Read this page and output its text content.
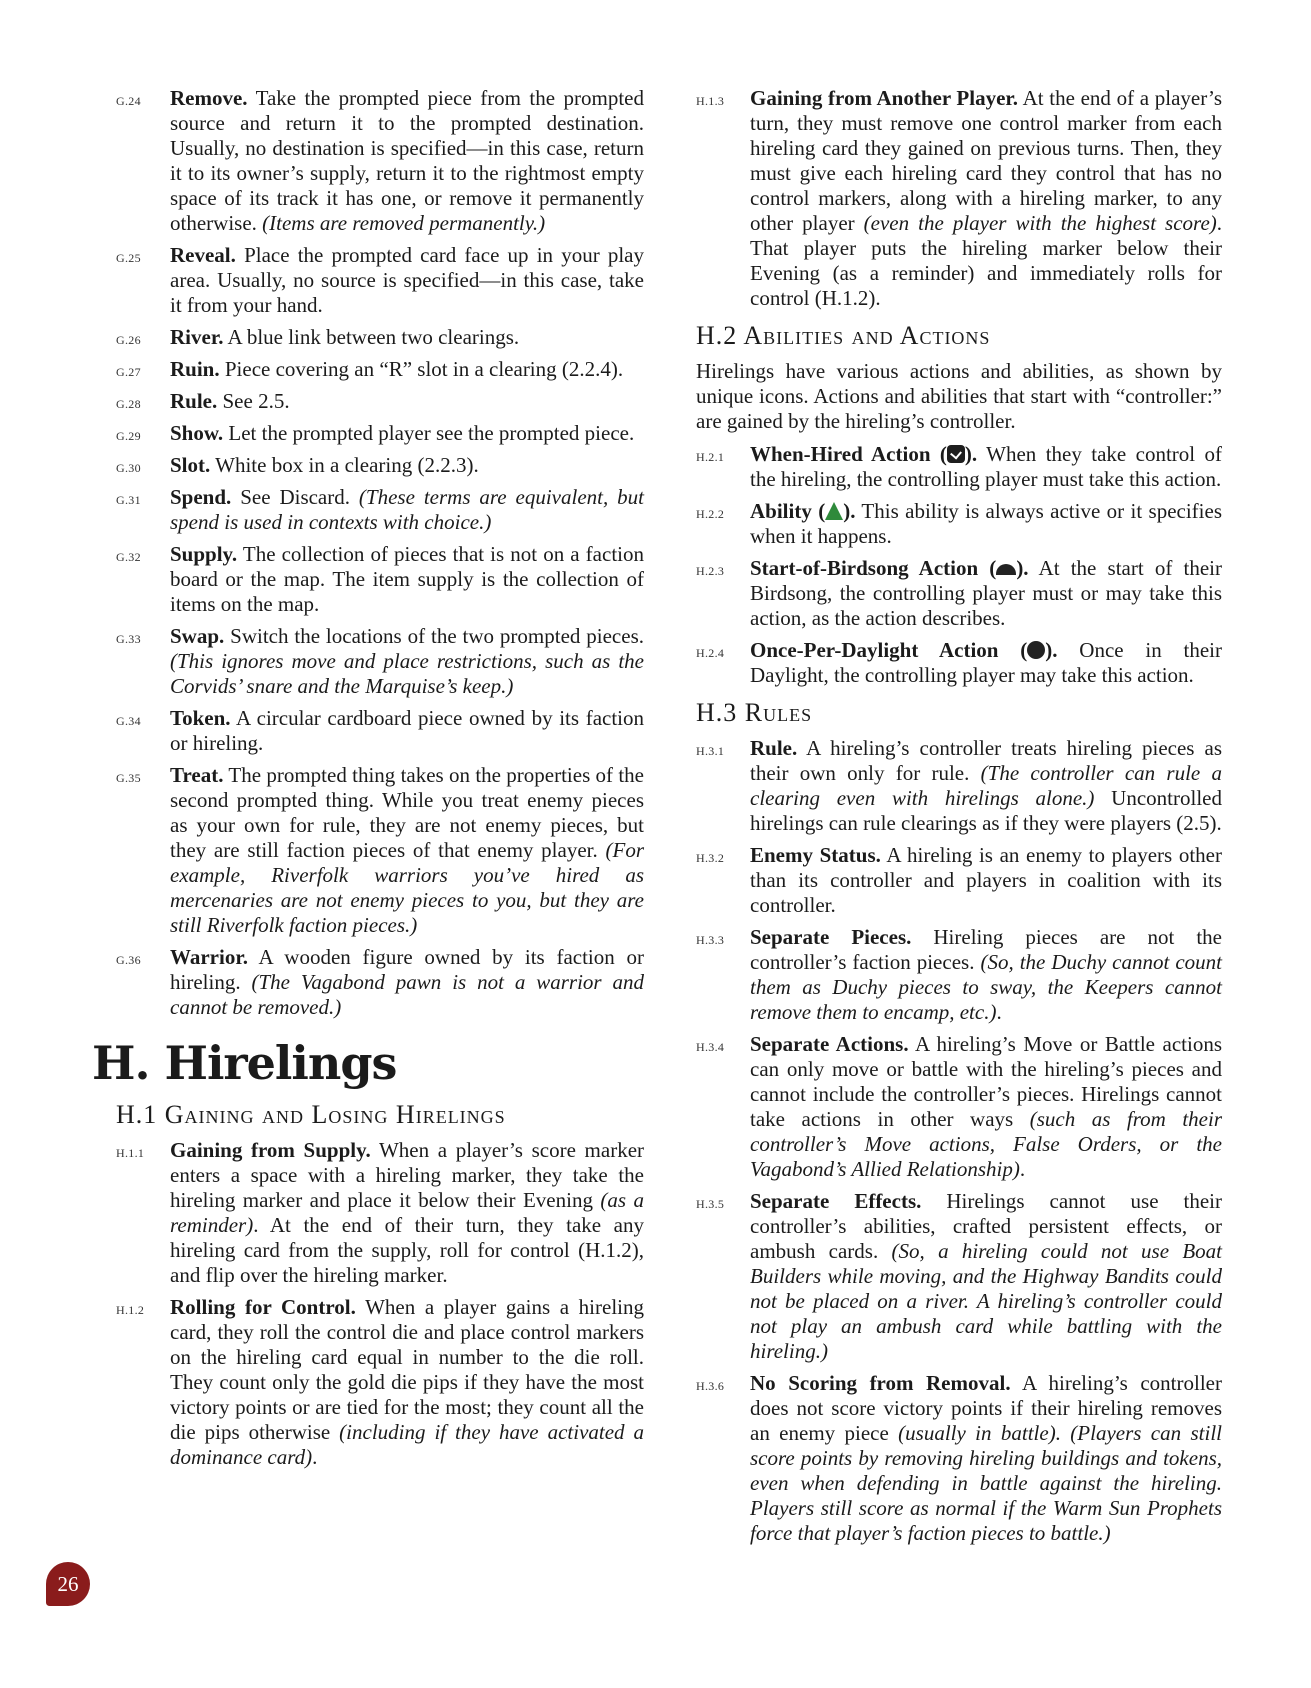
G.24 Remove. Take the prompted piece from the prompted source and return it to the prompted destination. Usually, no destination is specified—in this case, return it to its owner’s supply, return it to the rightmost empty space of its track it has one, or remove it permanently otherwise. (Items are removed permanently.)
G.25 Reveal. Place the prompted card face up in your play area. Usually, no source is specified—in this case, take it from your hand.
G.26 River. A blue link between two clearings.
G.27 Ruin. Piece covering an “R” slot in a clearing (2.2.4).
G.28 Rule. See 2.5.
G.29 Show. Let the prompted player see the prompted piece.
G.30 Slot. White box in a clearing (2.2.3).
G.31 Spend. See Discard. (These terms are equivalent, but spend is used in contexts with choice.)
G.32 Supply. The collection of pieces that is not on a faction board or the map. The item supply is the collection of items on the map.
G.33 Swap. Switch the locations of the two prompted pieces. (This ignores move and place restrictions, such as the Corvids’ snare and the Marquise’s keep.)
G.34 Token. A circular cardboard piece owned by its faction or hireling.
G.35 Treat. The prompted thing takes on the properties of the second prompted thing. While you treat enemy pieces as your own for rule, they are not enemy pieces, but they are still faction pieces of that enemy player. (For example, Riverfolk warriors you’ve hired as mercenaries are not enemy pieces to you, but they are still Riverfolk faction pieces.)
G.36 Warrior. A wooden figure owned by its faction or hireling. (The Vagabond pawn is not a warrior and cannot be removed.)
H. Hirelings
H.1 Gaining and Losing Hirelings
H.1.1 Gaining from Supply. When a player’s score marker enters a space with a hireling marker, they take the hireling marker and place it below their Evening (as a reminder). At the end of their turn, they take any hireling card from the supply, roll for control (H.1.2), and flip over the hireling marker.
H.1.2 Rolling for Control. When a player gains a hireling card, they roll the control die and place control markers on the hireling card equal in number to the die roll. They count only the gold die pips if they have the most victory points or are tied for the most; they count all the die pips otherwise (including if they have activated a dominance card).
H.1.3 Gaining from Another Player. At the end of a player’s turn, they must remove one control marker from each hireling card they gained on previous turns. Then, they must give each hireling card they control that has no control markers, along with a hireling marker, to any other player (even the player with the highest score). That player puts the hireling marker below their Evening (as a reminder) and immediately rolls for control (H.1.2).
H.2 Abilities and Actions
Hirelings have various actions and abilities, as shown by unique icons. Actions and abilities that start with “controller:” are gained by the hireling’s controller.
H.2.1 When-Hired Action ( ). When they take control of the hireling, the controlling player must take this action.
H.2.2 Ability ( ). This ability is always active or it specifies when it happens.
H.2.3 Start-of-Birdsong Action ( ). At the start of their Birdsong, the controlling player must or may take this action, as the action describes.
H.2.4 Once-Per-Daylight Action ( ). Once in their Daylight, the controlling player may take this action.
H.3 Rules
H.3.1 Rule. A hireling’s controller treats hireling pieces as their own only for rule. (The controller can rule a clearing even with hirelings alone.) Uncontrolled hirelings can rule clearings as if they were players (2.5).
H.3.2 Enemy Status. A hireling is an enemy to players other than its controller and players in coalition with its controller.
H.3.3 Separate Pieces. Hireling pieces are not the controller’s faction pieces. (So, the Duchy cannot count them as Duchy pieces to sway, the Keepers cannot remove them to encamp, etc.).
H.3.4 Separate Actions. A hireling’s Move or Battle actions can only move or battle with the hireling’s pieces and cannot include the controller’s pieces. Hirelings cannot take actions in other ways (such as from their controller’s Move actions, False Orders, or the Vagabond’s Allied Relationship).
H.3.5 Separate Effects. Hirelings cannot use their controller’s abilities, crafted persistent effects, or ambush cards. (So, a hireling could not use Boat Builders while moving, and the Highway Bandits could not be placed on a river. A hireling’s controller could not play an ambush card while battling with the hireling.)
H.3.6 No Scoring from Removal. A hireling’s controller does not score victory points if their hireling removes an enemy piece (usually in battle). (Players can still score points by removing hireling buildings and tokens, even when defending in battle against the hireling. Players still score as normal if the Warm Sun Prophets force that player’s faction pieces to battle.)
26
